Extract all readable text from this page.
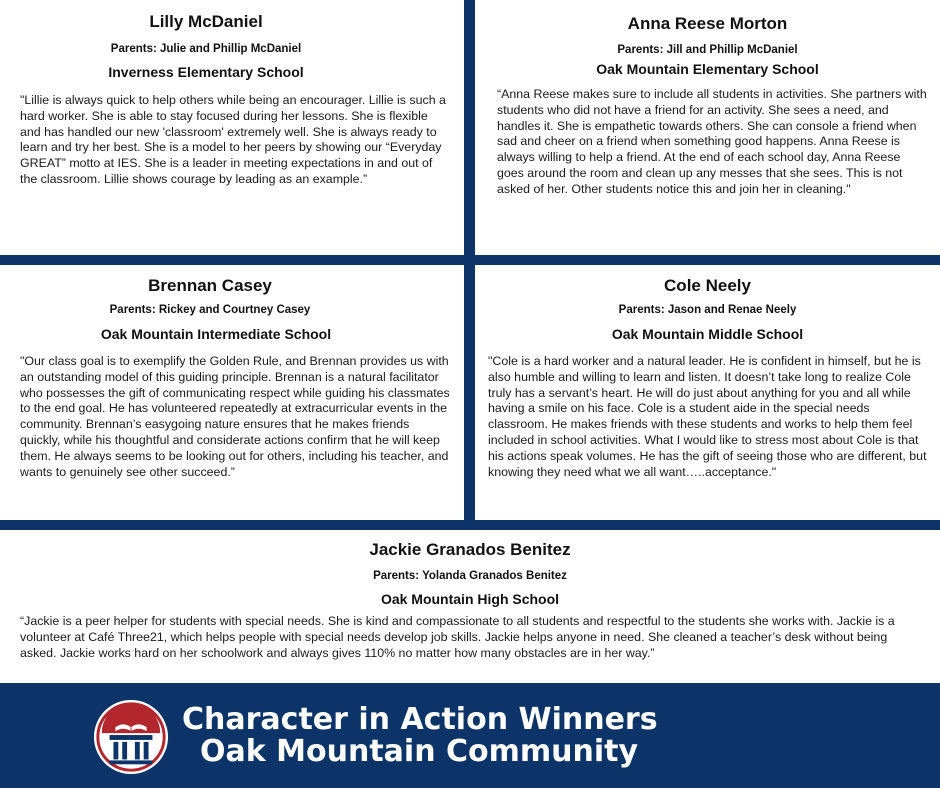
Lilly McDaniel

Parents: Julie and Phillip McDaniel

Inverness Elementary School

"Lillie is always quick to help others while being an encourager. Lillie is such a hard worker. She is able to stay focused during her lessons. She is flexible and has handled our new 'classroom' extremely well. She is always ready to learn and try her best. She is a model to her peers by showing our “Everyday GREAT” motto at IES. She is a leader in meeting expectations in and out of the classroom. Lillie shows courage by leading as an example.”

Anna Reese Morton

Parents: Jill and Phillip McDaniel

Oak Mountain Elementary School

“Anna Reese makes sure to include all students in activities. She partners with students who did not have a friend for an activity. She sees a need, and handles it. She is empathetic towards others. She can console a friend when sad and cheer on a friend when something good happens. Anna Reese is always willing to help a friend. At the end of each school day, Anna Reese goes around the room and clean up any messes that she sees. This is not asked of her. Other students notice this and join her in cleaning."

Brennan Casey

Parents: Rickey and Courtney Casey

Oak Mountain Intermediate School

"Our class goal is to exemplify the Golden Rule, and Brennan provides us with an outstanding model of this guiding principle. Brennan is a natural facilitator who possesses the gift of communicating respect while guiding his classmates to the end goal. He has volunteered repeatedly at extracurricular events in the community. Brennan’s easygoing nature ensures that he makes friends quickly, while his thoughtful and considerate actions confirm that he will keep them. He always seems to be looking out for others, including his teacher, and wants to genuinely see other succeed.”

Cole Neely

Parents: Jason and Renae Neely

Oak Mountain Middle School

"Cole is a hard worker and a natural leader. He is confident in himself, but he is also humble and willing to learn and listen. It doesn’t take long to realize Cole truly has a servant’s heart. He will do just about anything for you and all while having a smile on his face. Cole is a student aide in the special needs classroom. He makes friends with these students and works to help them feel included in school activities. What I would like to stress most about Cole is that his actions speak volumes. He has the gift of seeing those who are different, but knowing they need what we all want…..acceptance."

Jackie Granados Benitez

Parents: Yolanda Granados Benitez

Oak Mountain High School

“Jackie is a peer helper for students with special needs. She is kind and compassionate to all students and respectful to the students she works with. Jackie is a volunteer at Café Three21, which helps people with special needs develop job skills. Jackie helps anyone in need. She cleaned a teacher’s desk without being asked. Jackie works hard on her schoolwork and always gives 110% no matter how many obstacles are in her way.”

Character in Action Winners

Oak Mountain Community
